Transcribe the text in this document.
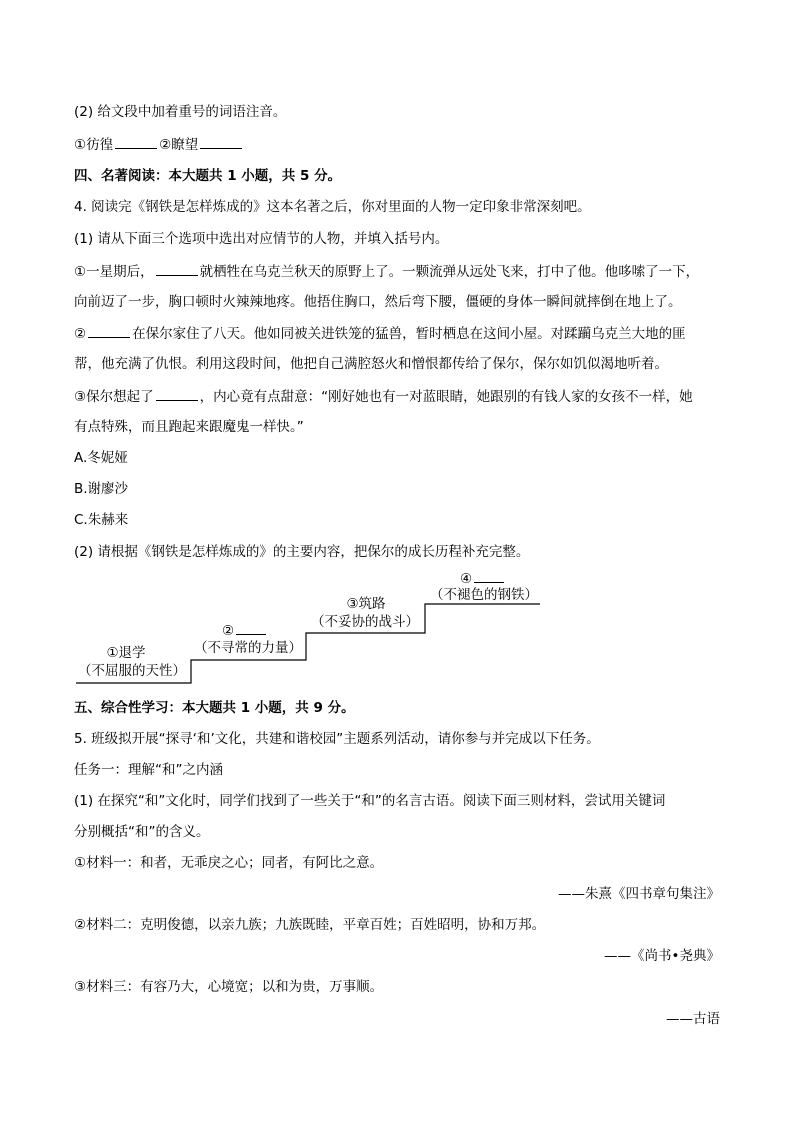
(2) 给文段中加着重号的词语注音。
①彷徨	②瞭望
四、名著阅读：本大题共 1 小题，共 5 分。
4. 阅读完《钢铁是怎样炼成的》这本名著之后，你对里面的人物一定印象非常深刻吧。
(1) 请从下面三个选项中选出对应情节的人物，并填入括号内。
①一星期后，	就栖牲在乌克兰秋天的原野上了。一颗流弹从远处飞来，打中了他。他哆嗦了一下，
向前迈了一步，胸口顿时火辣辣地疼。他捂住胸口，然后弯下腰，僵硬的身体一瞬间就摔倒在地上了。
②	在保尔家住了八天。他如同被关进铁笼的猛兽，暂时栖息在这间小屋。对蹂躏乌克兰大地的匪
帮，他充满了仇恨。利用这段时间，他把自己满腔怒火和憎恨都传给了保尔，保尔如饥似渴地听着。
③保尔想起了	，内心竟有点甜意：“刚好她也有一对蓝眼睛，她跟别的有钱人家的女孩不一样，她
有点特殊，而且跑起来跟魔鬼一样快。”
A.冬妮娅
B.谢廖沙
C.朱赫来
(2) 请根据《钢铁是怎样炼成的》的主要内容，把保尔的成长历程补充完整。
①退学
（不屈服的天性）
②
（不寻常的力量）
③筑路
（不妥协的战斗）
④
（不褪色的钢铁）
五、综合性学习：本大题共 1 小题，共 9 分。
5. 班级拟开展“探寻‘和’文化，共建和谐校园”主题系列活动，请你参与并完成以下任务。
任务一：理解“和”之内涵
(1) 在探究“和”文化时，同学们找到了一些关于“和”的名言古语。阅读下面三则材料，尝试用关键词
分别概括“和”的含义。
①材料一：和者，无乖戾之心；同者，有阿比之意。
——朱熹《四书章句集注》
②材料二：克明俊德，以亲九族；九族既睦，平章百姓；百姓昭明，协和万邦。
——《尚书•尧典》
③材料三：有容乃大，心境宽；以和为贵，万事顺。
——古语
